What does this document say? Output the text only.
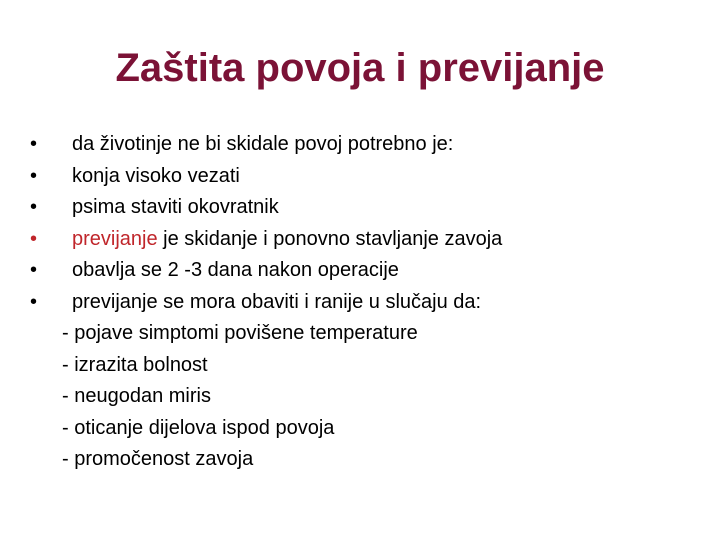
Zaštita povoja i previjanje
•	da životinje ne bi skidale povoj potrebno je:
•	konja visoko vezati
•	psima staviti okovratnik
•	previjanje je skidanje i ponovno stavljanje zavoja
•	obavlja se 2 -3 dana nakon operacije
•	previjanje se mora obaviti i ranije u slučaju da:
- pojave simptomi povišene temperature
- izrazita bolnost
- neugodan miris
- oticanje dijelova ispod povoja
- promočenost zavoja
